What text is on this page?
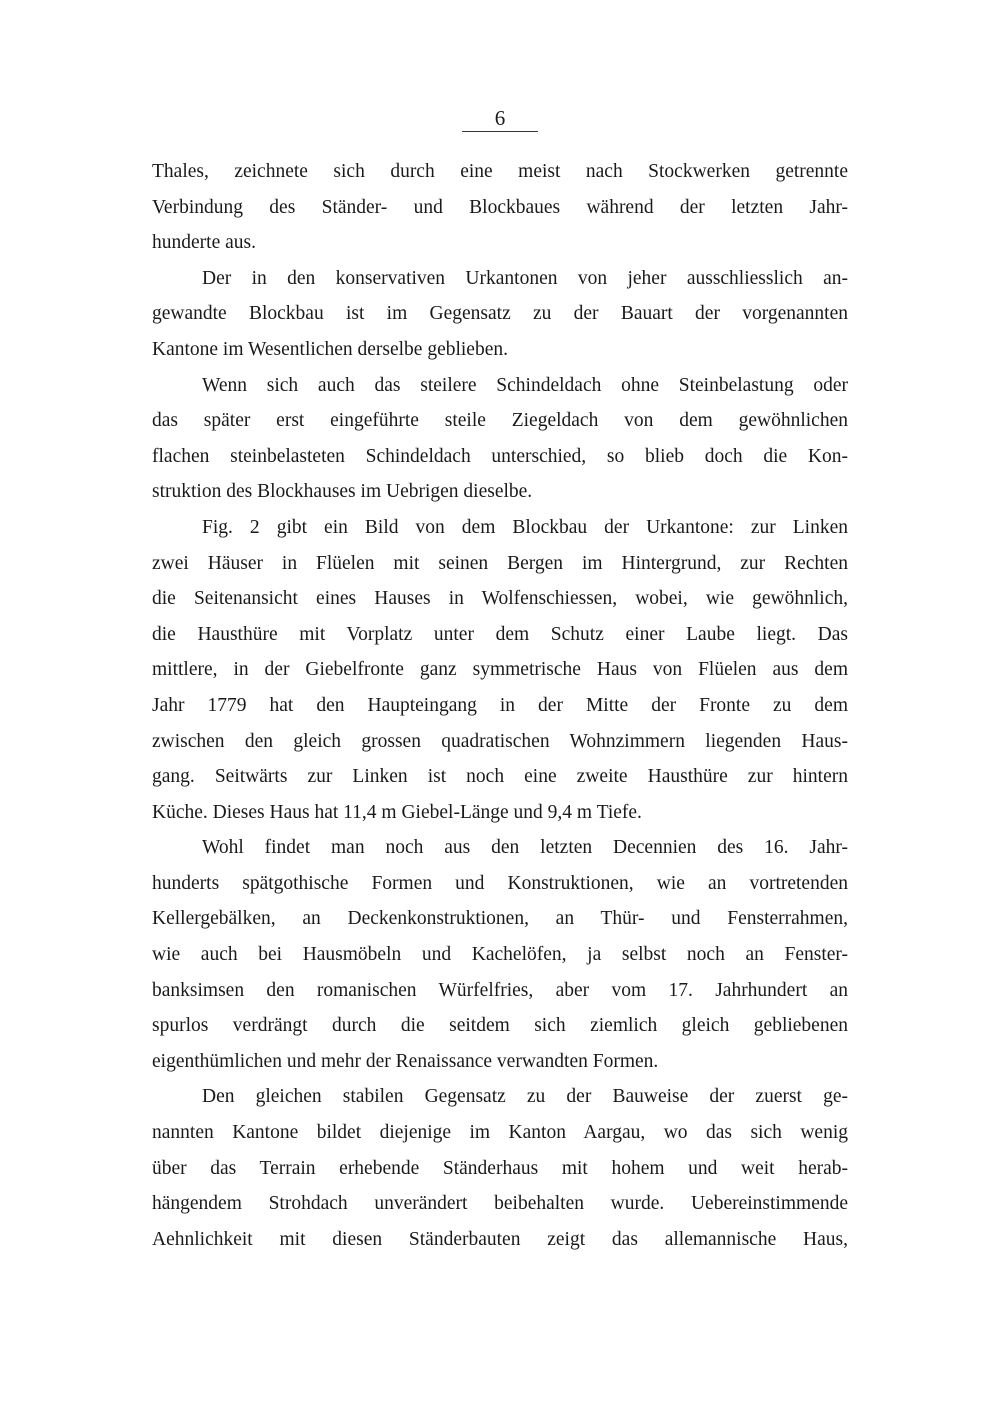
6
Thales, zeichnete sich durch eine meist nach Stockwerken getrennte
Verbindung des Ständer- und Blockbaues während der letzten Jahr-
hunderte aus.
Der in den konservativen Urkantonen von jeher ausschliesslich an-
gewandte Blockbau ist im Gegensatz zu der Bauart der vorgenannten
Kantone im Wesentlichen derselbe geblieben.
Wenn sich auch das steilere Schindeldach ohne Steinbelastung oder
das später erst eingeführte steile Ziegeldach von dem gewöhnlichen
flachen steinbelasteten Schindeldach unterschied, so blieb doch die Kon-
struktion des Blockhauses im Uebrigen dieselbe.
Fig. 2 gibt ein Bild von dem Blockbau der Urkantone: zur Linken
zwei Häuser in Flüelen mit seinen Bergen im Hintergrund, zur Rechten
die Seitenansicht eines Hauses in Wolfenschiessen, wobei, wie gewöhnlich,
die Hausthüre mit Vorplatz unter dem Schutz einer Laube liegt. Das
mittlere, in der Giebelfronte ganz symmetrische Haus von Flüelen aus dem
Jahr 1779 hat den Haupteingang in der Mitte der Fronte zu dem
zwischen den gleich grossen quadratischen Wohnzimmern liegenden Haus-
gang. Seitwärts zur Linken ist noch eine zweite Hausthüre zur hintern
Küche. Dieses Haus hat 11,4 m Giebel-Länge und 9,4 m Tiefe.
Wohl findet man noch aus den letzten Decennien des 16. Jahr-
hunderts spätgothische Formen und Konstruktionen, wie an vortretenden
Kellergebälken, an Deckenkonstruktionen, an Thür- und Fensterrahmen,
wie auch bei Hausmöbeln und Kachelöfen, ja selbst noch an Fenster-
banksimsen den romanischen Würfelfries, aber vom 17. Jahrhundert an
spurlos verdrängt durch die seitdem sich ziemlich gleich gebliebenen
eigenthümlichen und mehr der Renaissance verwandten Formen.
Den gleichen stabilen Gegensatz zu der Bauweise der zuerst ge-
nannten Kantone bildet diejenige im Kanton Aargau, wo das sich wenig
über das Terrain erhebende Ständerhaus mit hohem und weit herab-
hängendem Strohdach unverändert beibehalten wurde. Uebereinstimmende
Aehnlichkeit mit diesen Ständerbauten zeigt das allemannische Haus,
